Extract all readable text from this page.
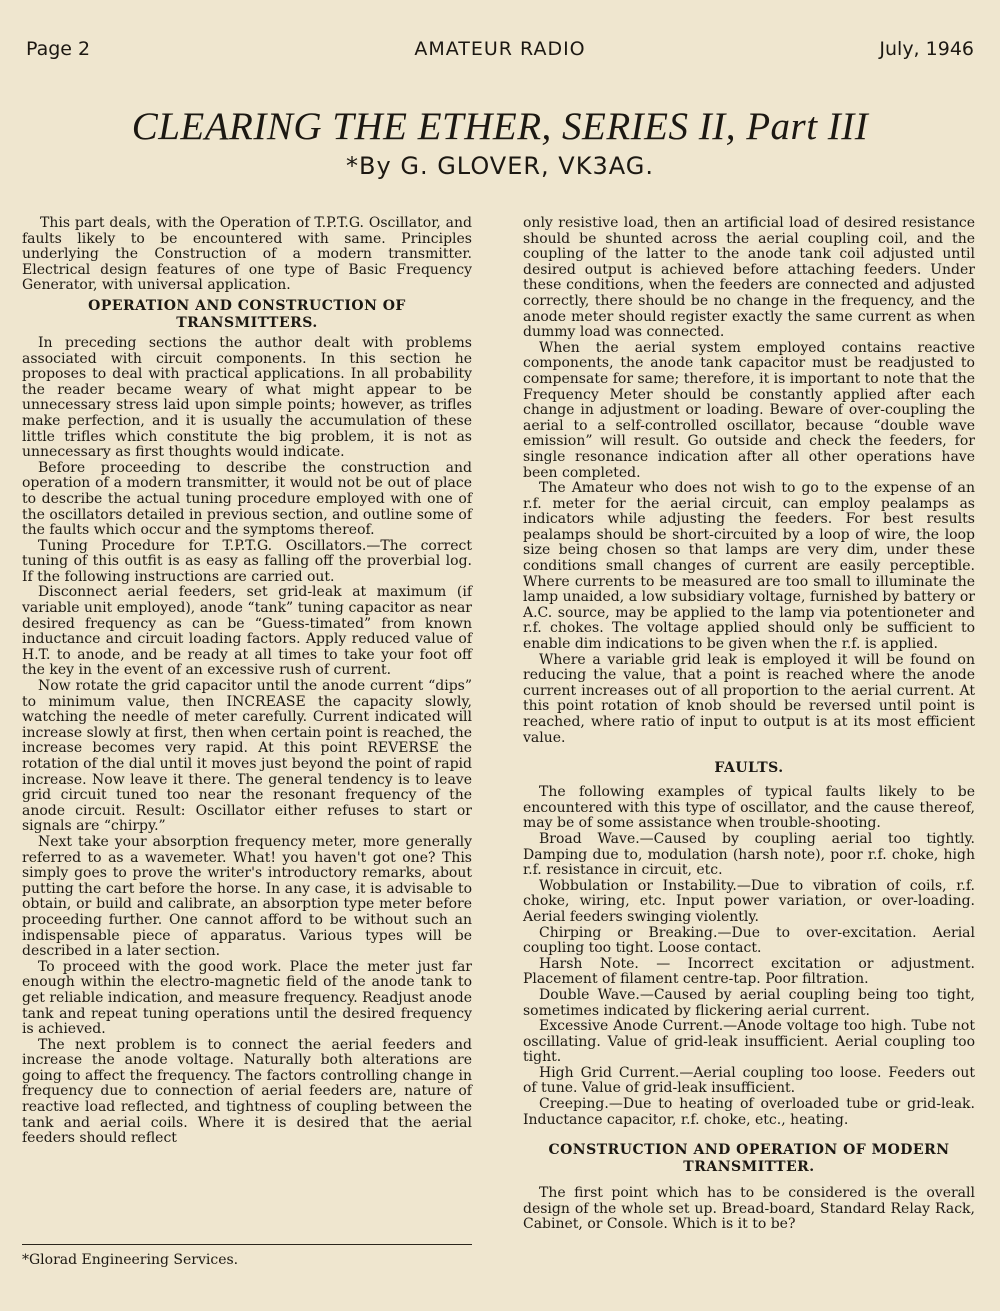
Page 2	AMATEUR RADIO	July, 1946
CLEARING THE ETHER, SERIES II, Part III
*By G. GLOVER, VK3AG.

This part deals, with the Operation of T.P.T.G. Oscillator, and faults likely to be encountered with same. Principles underlying the Construction of a modern transmitter. Electrical design features of one type of Basic Frequency Generator, with universal application.

OPERATION AND CONSTRUCTION OF TRANSMITTERS.

In preceding sections the author dealt with problems associated with circuit components. In this section he proposes to deal with practical applications. In all probability the reader became weary of what might appear to be unnecessary stress laid upon simple points; however, as trifles make perfection, and it is usually the accumulation of these little trifles which constitute the big problem, it is not as unnecessary as first thoughts would indicate.

Before proceeding to describe the construction and operation of a modern transmitter, it would not be out of place to describe the actual tuning procedure employed with one of the oscillators detailed in previous section, and outline some of the faults which occur and the symptoms thereof.

Tuning Procedure for T.P.T.G. Oscillators.—The correct tuning of this outfit is as easy as falling off the proverbial log. If the following instructions are carried out.

Disconnect aerial feeders, set grid-leak at maximum (if variable unit employed), anode “tank” tuning capacitor as near desired frequency as can be “Guess-timated” from known inductance and circuit loading factors. Apply reduced value of H.T. to anode, and be ready at all times to take your foot off the key in the event of an excessive rush of current.

Now rotate the grid capacitor until the anode current “dips” to minimum value, then INCREASE the capacity slowly, watching the needle of meter carefully. Current indicated will increase slowly at first, then when certain point is reached, the increase becomes very rapid. At this point REVERSE the rotation of the dial until it moves just beyond the point of rapid increase. Now leave it there. The general tendency is to leave grid circuit tuned too near the resonant frequency of the anode circuit. Result: Oscillator either refuses to start or signals are “chirpy.”

Next take your absorption frequency meter, more generally referred to as a wavemeter. What! you haven't got one? This simply goes to prove the writer's introductory remarks, about putting the cart before the horse. In any case, it is advisable to obtain, or build and calibrate, an absorption type meter before proceeding further. One cannot afford to be without such an indispensable piece of apparatus. Various types will be described in a later section.

To proceed with the good work. Place the meter just far enough within the electro-magnetic field of the anode tank to get reliable indication, and measure frequency. Readjust anode tank and repeat tuning operations until the desired frequency is achieved.

The next problem is to connect the aerial feeders and increase the anode voltage. Naturally both alterations are going to affect the frequency. The factors controlling change in frequency due to connection of aerial feeders are, nature of reactive load reflected, and tightness of coupling between the tank and aerial coils. Where it is desired that the aerial feeders should reflect

*Glorad Engineering Services.

only resistive load, then an artificial load of desired resistance should be shunted across the aerial coupling coil, and the coupling of the latter to the anode tank coil adjusted until desired output is achieved before attaching feeders. Under these conditions, when the feeders are connected and adjusted correctly, there should be no change in the frequency, and the anode meter should register exactly the same current as when dummy load was connected.

When the aerial system employed contains reactive components, the anode tank capacitor must be readjusted to compensate for same; therefore, it is important to note that the Frequency Meter should be constantly applied after each change in adjustment or loading. Beware of over-coupling the aerial to a self-controlled oscillator, because “double wave emission” will result. Go outside and check the feeders, for single resonance indication after all other operations have been completed.

The Amateur who does not wish to go to the expense of an r.f. meter for the aerial circuit, can employ pealamps as indicators while adjusting the feeders. For best results pealamps should be short-circuited by a loop of wire, the loop size being chosen so that lamps are very dim, under these conditions small changes of current are easily perceptible. Where currents to be measured are too small to illuminate the lamp unaided, a low subsidiary voltage, furnished by battery or A.C. source, may be applied to the lamp via potentioneter and r.f. chokes. The voltage applied should only be sufficient to enable dim indications to be given when the r.f. is applied.

Where a variable grid leak is employed it will be found on reducing the value, that a point is reached where the anode current increases out of all proportion to the aerial current. At this point rotation of knob should be reversed until point is reached, where ratio of input to output is at its most efficient value.

FAULTS.

The following examples of typical faults likely to be encountered with this type of oscillator, and the cause thereof, may be of some assistance when trouble-shooting.

Broad Wave.—Caused by coupling aerial too tightly. Damping due to, modulation (harsh note), poor r.f. choke, high r.f. resistance in circuit, etc.

Wobbulation or Instability.—Due to vibration of coils, r.f. choke, wiring, etc. Input power variation, or over-loading. Aerial feeders swinging violently.

Chirping or Breaking.—Due to over-excitation. Aerial coupling too tight. Loose contact.

Harsh Note. — Incorrect excitation or adjustment. Placement of filament centre-tap. Poor filtration.

Double Wave.—Caused by aerial coupling being too tight, sometimes indicated by flickering aerial current.

Excessive Anode Current.—Anode voltage too high. Tube not oscillating. Value of grid-leak insufficient. Aerial coupling too tight.

High Grid Current.—Aerial coupling too loose. Feeders out of tune. Value of grid-leak insufficient.

Creeping.—Due to heating of overloaded tube or grid-leak. Inductance capacitor, r.f. choke, etc., heating.

CONSTRUCTION AND OPERATION OF MODERN TRANSMITTER.

The first point which has to be considered is the overall design of the whole set up. Bread-board, Standard Relay Rack, Cabinet, or Console. Which is it to be?
